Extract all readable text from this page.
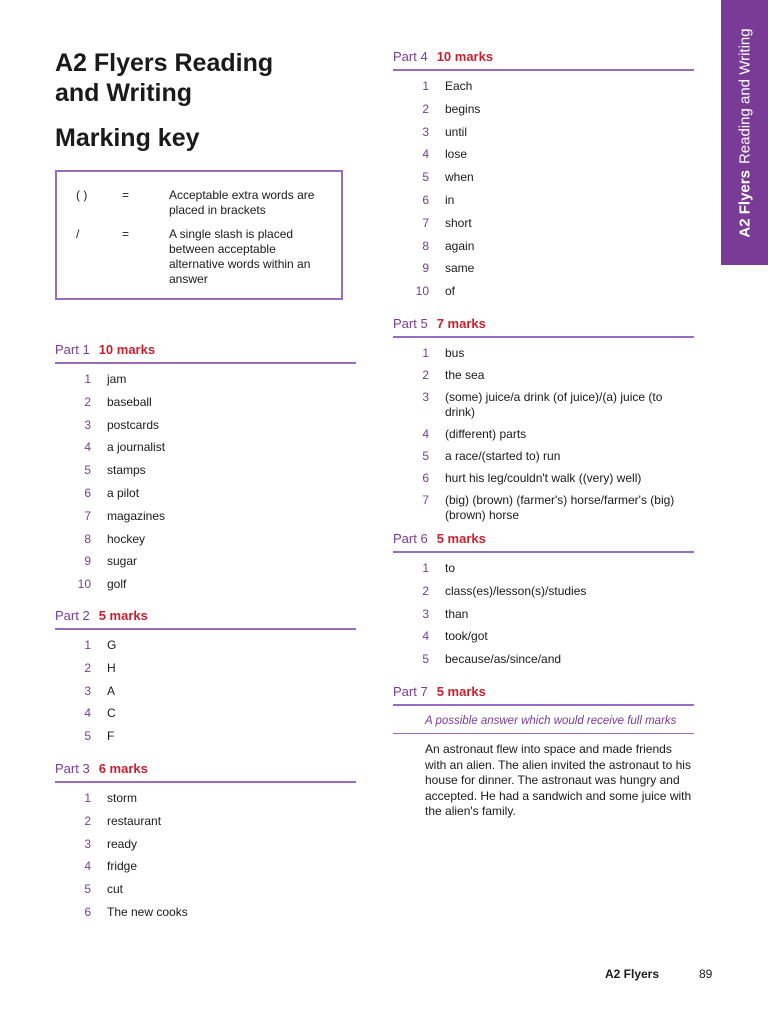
A2 Flyers Reading
and Writing
Marking key
( )	=	Acceptable extra words are placed in brackets
/	=	A single slash is placed between acceptable alternative words within an answer
A2 FlyersReading and Writing
Part 1 10 marks
1	jam
2	baseball
3	postcards
4	a journalist
5	stamps
6	a pilot
7	magazines
8	hockey
9	sugar
10	golf
Part 2 5 marks
1	G
2	H
3	A
4	C
5	F
Part 3 6 marks
1	storm
2	restaurant
3	ready
4	fridge
5	cut
6	The new cooks
Part 4 10 marks
1	Each
2	begins
3	until
4	lose
5	when
6	in
7	short
8	again
9	same
10	of
Part 5 7 marks
1	bus
2	the sea
3	(some) juice/a drink (of juice)/(a) juice (to drink)
4	(different) parts
5	a race/(started to) run
6	hurt his leg/couldn't walk ((very) well)
7	(big) (brown) (farmer's) horse/farmer's (big) (brown) horse
Part 6 5 marks
1	to
2	class(es)/lesson(s)/studies
3	than
4	took/got
5	because/as/since/and
Part 7 5 marks
A possible answer which would receive full marks
An astronaut flew into space and made friends with an alien. The alien invited the astronaut to his house for dinner. The astronaut was hungry and accepted. He had a sandwich and some juice with the alien's family.
A2 Flyers	89
